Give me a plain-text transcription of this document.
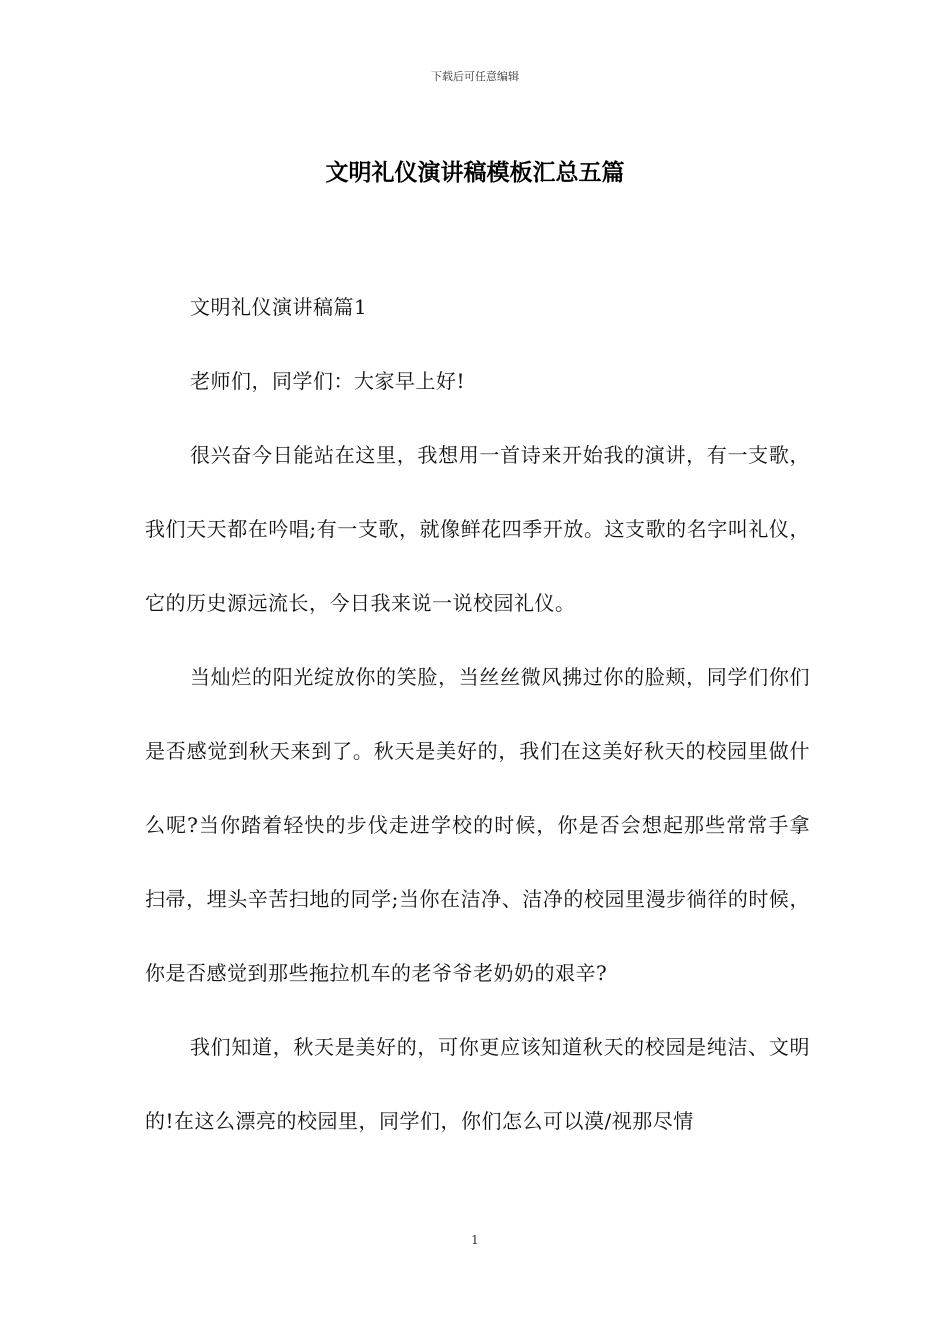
下载后可任意编辑
文明礼仪演讲稿模板汇总五篇

文明礼仪演讲稿篇1

老师们，同学们：大家早上好!

很兴奋今日能站在这里，我想用一首诗来开始我的演讲，有一支歌，我们天天都在吟唱;有一支歌，就像鲜花四季开放。这支歌的名字叫礼仪，它的历史源远流长，今日我来说一说校园礼仪。

当灿烂的阳光绽放你的笑脸，当丝丝微风拂过你的脸颊，同学们你们是否感觉到秋天来到了。秋天是美好的，我们在这美好秋天的校园里做什么呢?当你踏着轻快的步伐走进学校的时候，你是否会想起那些常常手拿扫帚，埋头辛苦扫地的同学;当你在洁净、洁净的校园里漫步徜徉的时候，你是否感觉到那些拖拉机车的老爷爷老奶奶的艰辛?

我们知道，秋天是美好的，可你更应该知道秋天的校园是纯洁、文明的!在这么漂亮的校园里，同学们，你们怎么可以漠/视那尽情

1
